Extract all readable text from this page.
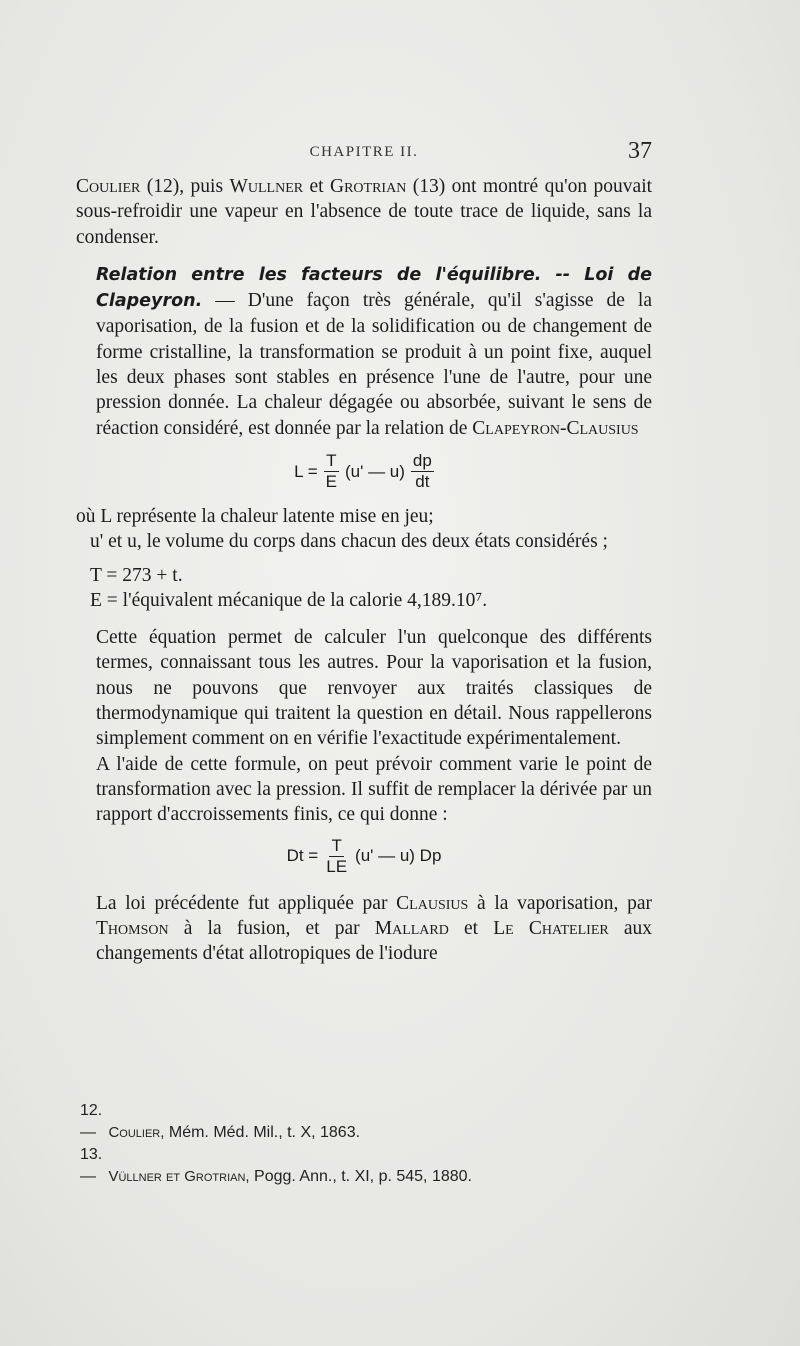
CHAPITRE II.	37

Coulier (12), puis Wullner et Grotrian (13) ont montré qu'on pouvait sous-refroidir une vapeur en l'absence de toute trace de liquide, sans la condenser.

Relation entre les facteurs de l'équilibre. -- Loi de Clapeyron. — D'une façon très générale, qu'il s'agisse de la vaporisation, de la fusion et de la solidification ou de changement de forme cristalline, la transformation se produit à un point fixe, auquel les deux phases sont stables en présence l'une de l'autre, pour une pression donnée. La chaleur dégagée ou absorbée, suivant le sens de réaction considéré, est donnée par la relation de Clapeyron-Clausius

$L = \frac{T}{E} (u'$ — $u) \frac{dp}{dt}$

où L représente la chaleur latente mise en jeu;

u' et u, le volume du corps dans chacun des deux états considérés ;

T = 273 + t.

E = l'équivalent mécanique de la calorie 4,189.10⁷.

Cette équation permet de calculer l'un quelconque des différents termes, connaissant tous les autres. Pour la vaporisation et la fusion, nous ne pouvons que renvoyer aux traités classiques de thermodynamique qui traitent la question en détail. Nous rappellerons simplement comment on en vérifie l'exactitude expérimentalement.

A l'aide de cette formule, on peut prévoir comment varie le point de transformation avec la pression. Il suffit de remplacer la dérivée par un rapport d'accroissements finis, ce qui donne :

$Dt = \frac{T}{LE} (u'$ — u) Dp

La loi précédente fut appliquée par Clausius à la vaporisation, par Thomson à la fusion, et par Mallard et Le Chatelier aux changements d'état allotropiques de l'iodure

12.— Coulier, Mém. Méd. Mil., t. X, 1863.
13.— Vüllner et Grotrian, Pogg. Ann., t. XI, p. 545, 1880.
